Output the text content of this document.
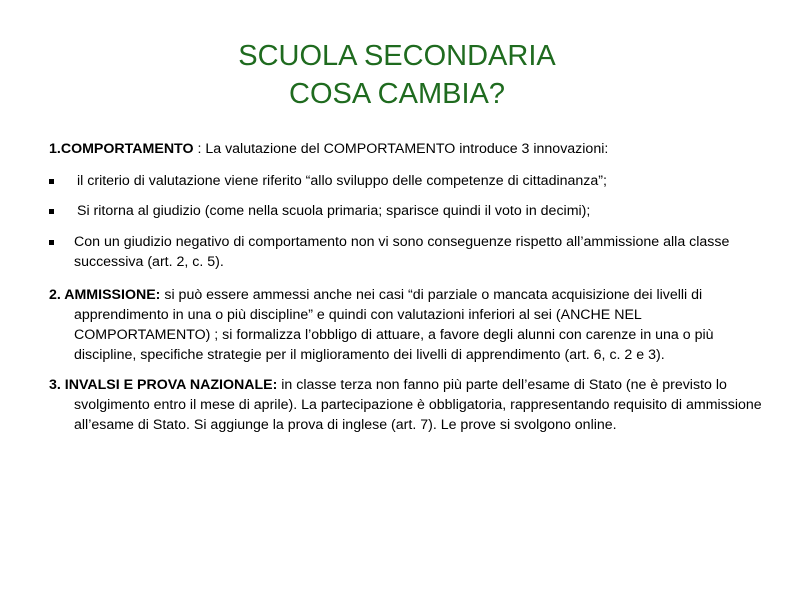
SCUOLA SECONDARIA
COSA CAMBIA?

1.COMPORTAMENTO : La valutazione del COMPORTAMENTO introduce 3 innovazioni:

il criterio di valutazione viene riferito “allo sviluppo delle competenze di cittadinanza”;
Si ritorna al giudizio (come nella scuola primaria; sparisce quindi il voto in decimi);
Con un giudizio negativo di comportamento non vi sono conseguenze rispetto all’ammissione alla classe successiva (art. 2, c. 5).
2. AMMISSIONE: si può essere ammessi anche nei casi “di parziale o mancata acquisizione dei livelli di apprendimento in una o più discipline” e quindi con valutazioni inferiori al sei (ANCHE NEL COMPORTAMENTO) ; si formalizza l’obbligo di attuare, a favore degli alunni con carenze in una o più discipline, specifiche strategie per il miglioramento dei livelli di apprendimento (art. 6, c. 2 e 3).
3. INVALSI E PROVA NAZIONALE: in classe terza non fanno più parte dell’esame di Stato (ne è previsto lo svolgimento entro il mese di aprile). La partecipazione è obbligatoria, rappresentando requisito di ammissione all’esame di Stato. Si aggiunge la prova di inglese (art. 7). Le prove si svolgono online.
